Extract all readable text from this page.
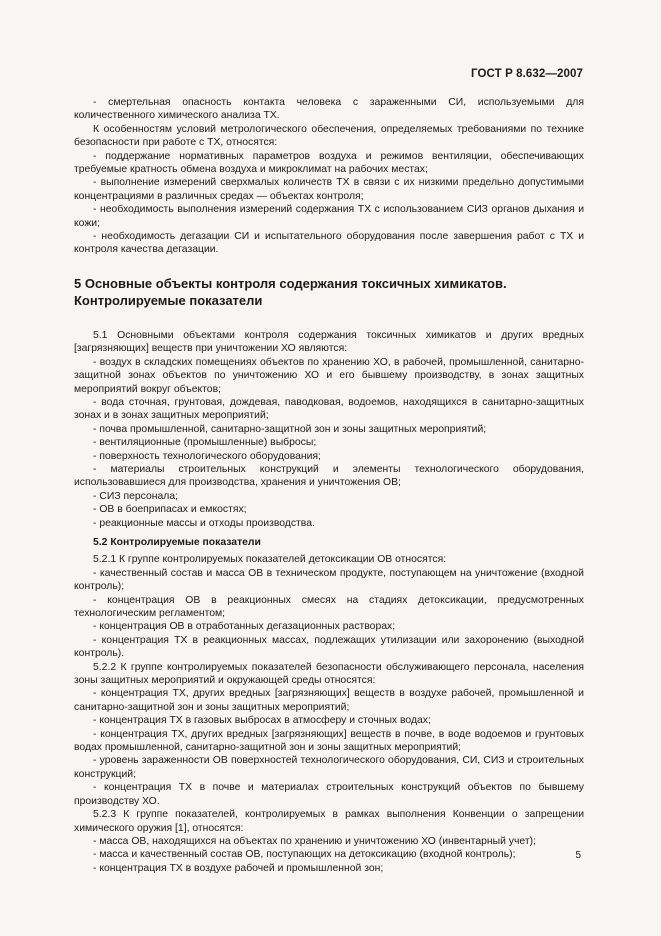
ГОСТ Р 8.632—2007

- смертельная опасность контакта человека с зараженными СИ, используемыми для количественного химического анализа ТХ.

К особенностям условий метрологического обеспечения, определяемых требованиями по технике безопасности при работе с ТХ, относятся:

- поддержание нормативных параметров воздуха и режимов вентиляции, обеспечивающих требуемые кратность обмена воздуха и микроклимат на рабочих местах;

- выполнение измерений сверхмалых количеств ТХ в связи с их низкими предельно допустимыми концентрациями в различных средах — объектах контроля;

- необходимость выполнения измерений содержания ТХ с использованием СИЗ органов дыхания и кожи;

- необходимость дегазации СИ и испытательного оборудования после завершения работ с ТХ и контроля качества дегазации.

5 Основные объекты контроля содержания токсичных химикатов. Контролируемые показатели

5.1 Основными объектами контроля содержания токсичных химикатов и других вредных [загрязняющих] веществ при уничтожении ХО являются:

- воздух в складских помещениях объектов по хранению ХО, в рабочей, промышленной, санитарно-защитной зонах объектов по уничтожению ХО и его бывшему производству, в зонах защитных мероприятий вокруг объектов;

- вода сточная, грунтовая, дождевая, паводковая, водоемов, находящихся в санитарно-защитных зонах и в зонах защитных мероприятий;

- почва промышленной, санитарно-защитной зон и зоны защитных мероприятий;

- вентиляционные (промышленные) выбросы;

- поверхность технологического оборудования;

- материалы строительных конструкций и элементы технологического оборудования, использовавшиеся для производства, хранения и уничтожения ОВ;

- СИЗ персонала;

- ОВ в боеприпасах и емкостях;

- реакционные массы и отходы производства.

5.2 Контролируемые показатели

5.2.1 К группе контролируемых показателей детоксикации ОВ относятся:

- качественный состав и масса ОВ в техническом продукте, поступающем на уничтожение (входной контроль);

- концентрация ОВ в реакционных смесях на стадиях детоксикации, предусмотренных технологическим регламентом;

- концентрация ОВ в отработанных дегазационных растворах;

- концентрация ТХ в реакционных массах, подлежащих утилизации или захоронению (выходной контроль).

5.2.2 К группе контролируемых показателей безопасности обслуживающего персонала, населения зоны защитных мероприятий и окружающей среды относятся:

- концентрация ТХ, других вредных [загрязняющих] веществ в воздухе рабочей, промышленной и санитарно-защитной зон и зоны защитных мероприятий;

- концентрация ТХ в газовых выбросах в атмосферу и сточных водах;

- концентрация ТХ, других вредных [загрязняющих] веществ в почве, в воде водоемов и грунтовых водах промышленной, санитарно-защитной зон и зоны защитных мероприятий;

- уровень зараженности ОВ поверхностей технологического оборудования, СИ, СИЗ и строительных конструкций;

- концентрация ТХ в почве и материалах строительных конструкций объектов по бывшему производству ХО.

5.2.3 К группе показателей, контролируемых в рамках выполнения Конвенции о запрещении химического оружия [1], относятся:

- масса ОВ, находящихся на объектах по хранению и уничтожению ХО (инвентарный учет);

- масса и качественный состав ОВ, поступающих на детоксикацию (входной контроль);

- концентрация ТХ в воздухе рабочей и промышленной зон;

5
